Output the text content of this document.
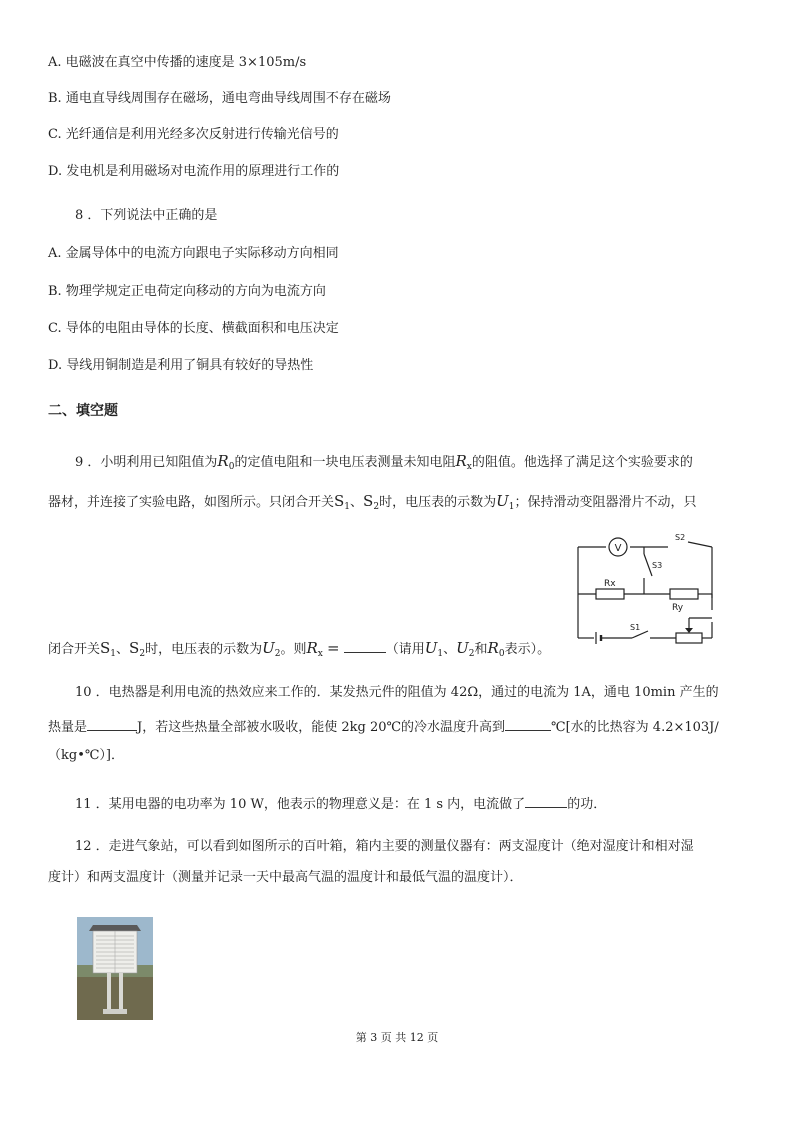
A. 电磁波在真空中传播的速度是 3×105m/s
B. 通电直导线周围存在磁场，通电弯曲导线周围不存在磁场
C. 光纤通信是利用光经多次反射进行传输光信号的
D. 发电机是利用磁场对电流作用的原理进行工作的
8 ．下列说法中正确的是
A. 金属导体中的电流方向跟电子实际移动方向相同
B. 物理学规定正电荷定向移动的方向为电流方向
C. 导体的电阻由导体的长度、横截面积和电压决定
D. 导线用铜制造是利用了铜具有较好的导热性
二、填空题
9 ．小明利用已知阻值为$R_0$的定值电阻和一块电压表测量未知电阻$R_x$的阻值。他选择了满足这个实验要求的
器材，并连接了实验电路，如图所示。只闭合开关$S_1$、$S_2$时，电压表的示数为$U_1$；保持滑动变阻器滑片不动，只
闭合开关$S_1$、$S_2$时，电压表的示数为$U_2$。则$R_x$ =	（请用$U_1$、$U_2$和$R_0$表示）。
V
Rx
Ry
S2
S3
S1
10 ．电热器是利用电流的热效应来工作的．某发热元件的阻值为 42Ω，通过的电流为 1A，通电 10min 产生的
热量是	J，若这些热量全部被水吸收，能使 2kg 20℃的冷水温度升高到	℃[水的比热容为 4.2×103J/
（kg•℃）]．
11 ．某用电器的电功率为 10 W，他表示的物理意义是：在 1 s 内，电流做了	的功．
12 ．走进气象站，可以看到如图所示的百叶箱，箱内主要的测量仪器有：两支湿度计（绝对湿度计和相对湿
度计）和两支温度计（测量并记录一天中最高气温的温度计和最低气温的温度计）．
第 3 页 共 12 页
